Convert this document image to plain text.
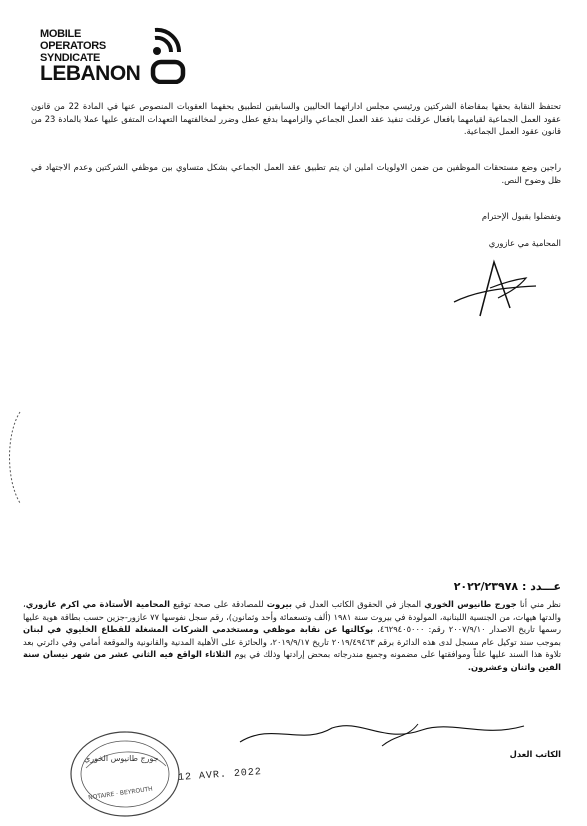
MOBILE
OPERATORS
SYNDICATE
LEBANON
تحتفظ النقابة بحقها بمقاضاة الشركتين ورئيسي مجلس اداراتهما الحاليين والسابقين لتطبيق بحقهما العقوبات المنصوص عنها في المادة 22 من قانون عقود العمل الجماعية لقيامهما بافعال عرقلت تنفيذ عقد العمل الجماعي والزامهما بدفع عطل وضرر لمخالفتهما التعهدات المتفق عليها عملا بالمادة 23 من قانون عقود العمل الجماعية.
راجين وضع مستحقات الموظفين من ضمن الاولويات املين ان يتم تطبيق عقد العمل الجماعي بشكل متساوي بين موظفي الشركتين وعدم الاجتهاد في ظل وضوح النص.
وتفضلوا بقبول الإحترام
المحامية مي عازوري
عـــدد : ٢٠٢٢/٢٣٩٧٨
نظر مني أنا جورج طانيوس الخوري المجاز في الحقوق الكاتب العدل في بيروت للمصادقة على صحة توقيع المحامية الأستاذة مي اكرم عازوري، والدتها هيهات، من الجنسية اللبنانية، المولودة في بيروت سنة ١٩٨١ (ألف وتسعمائة وأحد وثمانون)، رقم سجل نفوسها ٧٧ عازور-جزين حسب بطاقة هوية عليها رسمها تاريخ الاصدار ٢٠٠٧/٩/١٠ رقم: ٤٦٢٩٤٠٥٠٠٠، بوكالتها عن نقابة موظفي ومستخدمي الشركات المشغلة للقطاع الخليوي في لبنان بموجب سند توكيل عام مسجل لدى هذه الدائرة برقم ٢٠١٩/٤٩٤٦٣ تاريخ ٢٠١٩/٩/١٧، والحائزة على الأهلية المدنية والقانونية والموقعة أمامي وفي دائرتي بعد تلاوة هذا السند عليها علناً وموافقتها على مضمونه وجميع مندرجاته بمحض إرادتها وذلك في يوم الثلاثاء الواقع فيه الثاني عشر من شهر نيسان سنة الفين واثنان وعشرون.
الكاتب العدل
جورج طانيوس الخوري
NOTAIRE · BEYROUTH
12 AVR. 2022
